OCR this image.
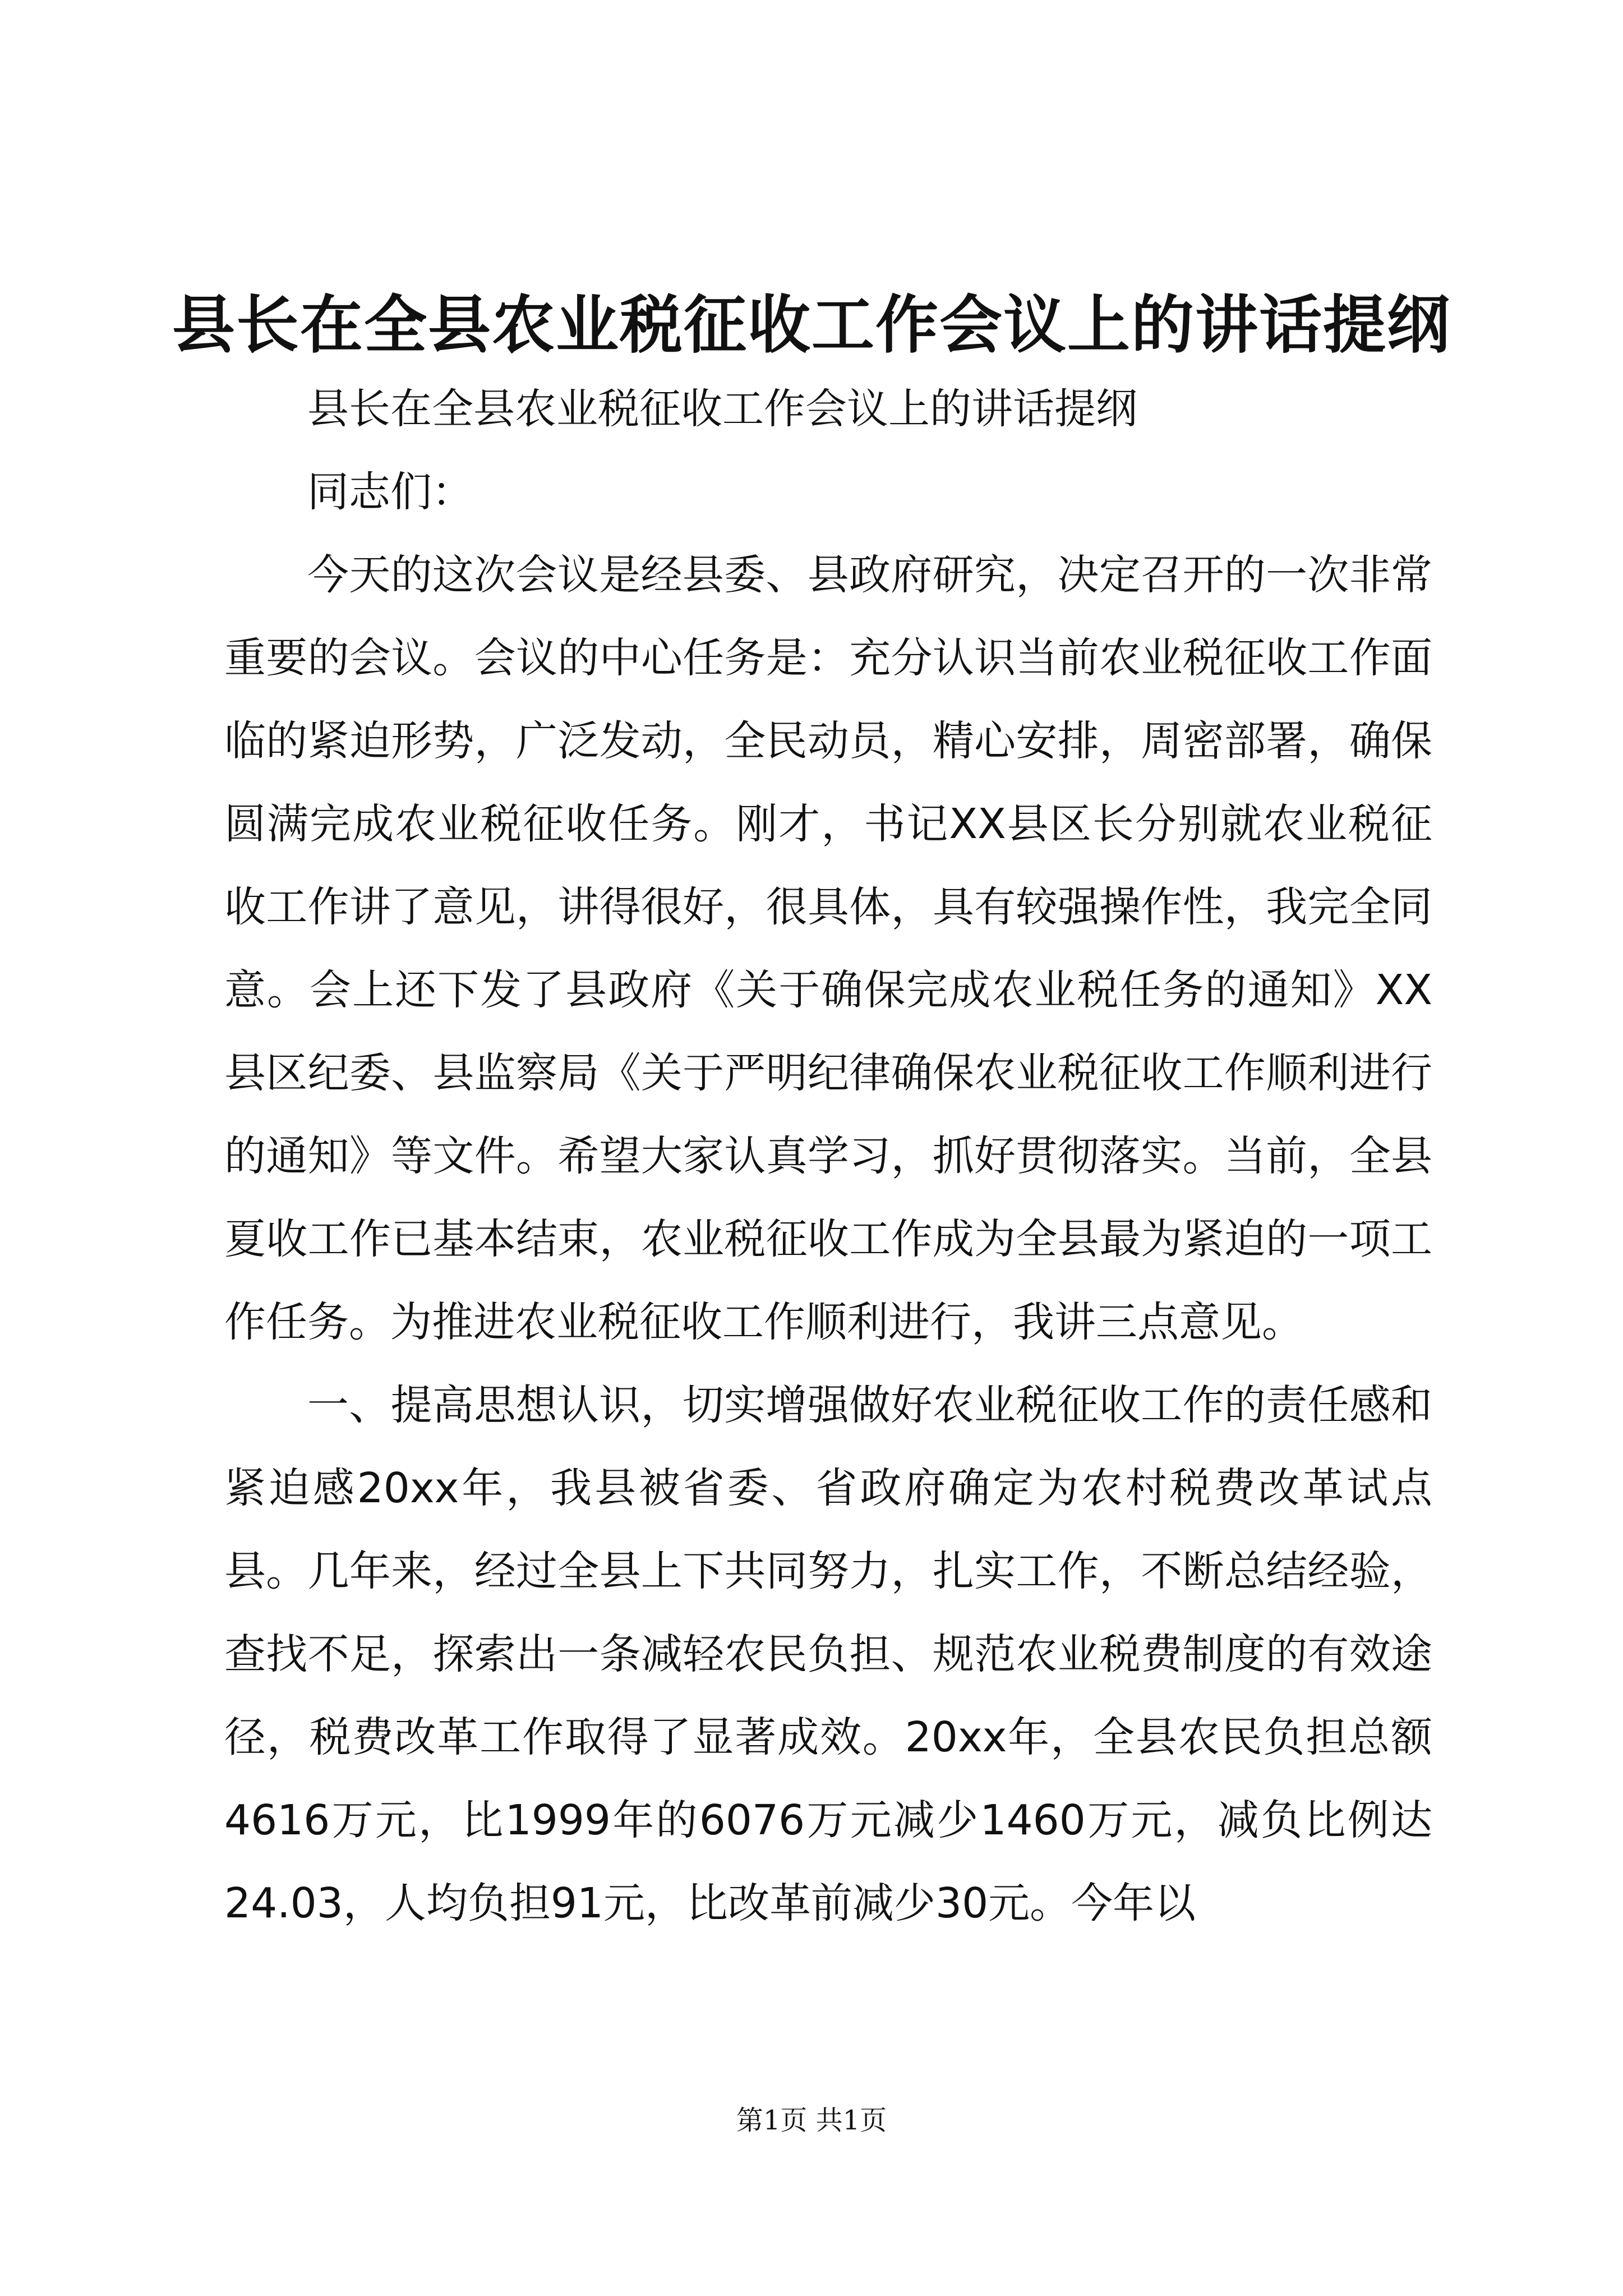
县长在全县农业税征收工作会议上的讲话提纲

县长在全县农业税征收工作会议上的讲话提纲

同志们：

今天的这次会议是经县委、县政府研究，决定召开的一次非常重要的会议。会议的中心任务是：充分认识当前农业税征收工作面临的紧迫形势，广泛发动，全民动员，精心安排，周密部署，确保圆满完成农业税征收任务。刚才，书记XX县区长分别就农业税征收工作讲了意见，讲得很好，很具体，具有较强操作性，我完全同意。会上还下发了县政府《关于确保完成农业税任务的通知》XX县区纪委、县监察局《关于严明纪律确保农业税征收工作顺利进行的通知》等文件。希望大家认真学习，抓好贯彻落实。当前，全县夏收工作已基本结束，农业税征收工作成为全县最为紧迫的一项工作任务。为推进农业税征收工作顺利进行，我讲三点意见。

一、提高思想认识，切实增强做好农业税征收工作的责任感和紧迫感20xx年，我县被省委、省政府确定为农村税费改革试点县。几年来，经过全县上下共同努力，扎实工作，不断总结经验，查找不足，探索出一条减轻农民负担、规范农业税费制度的有效途径，税费改革工作取得了显著成效。20xx年，全县农民负担总额4616万元，比1999年的6076万元减少1460万元，减负比例达24.03，人均负担91元，比改革前减少30元。今年以

第1页 共1页
